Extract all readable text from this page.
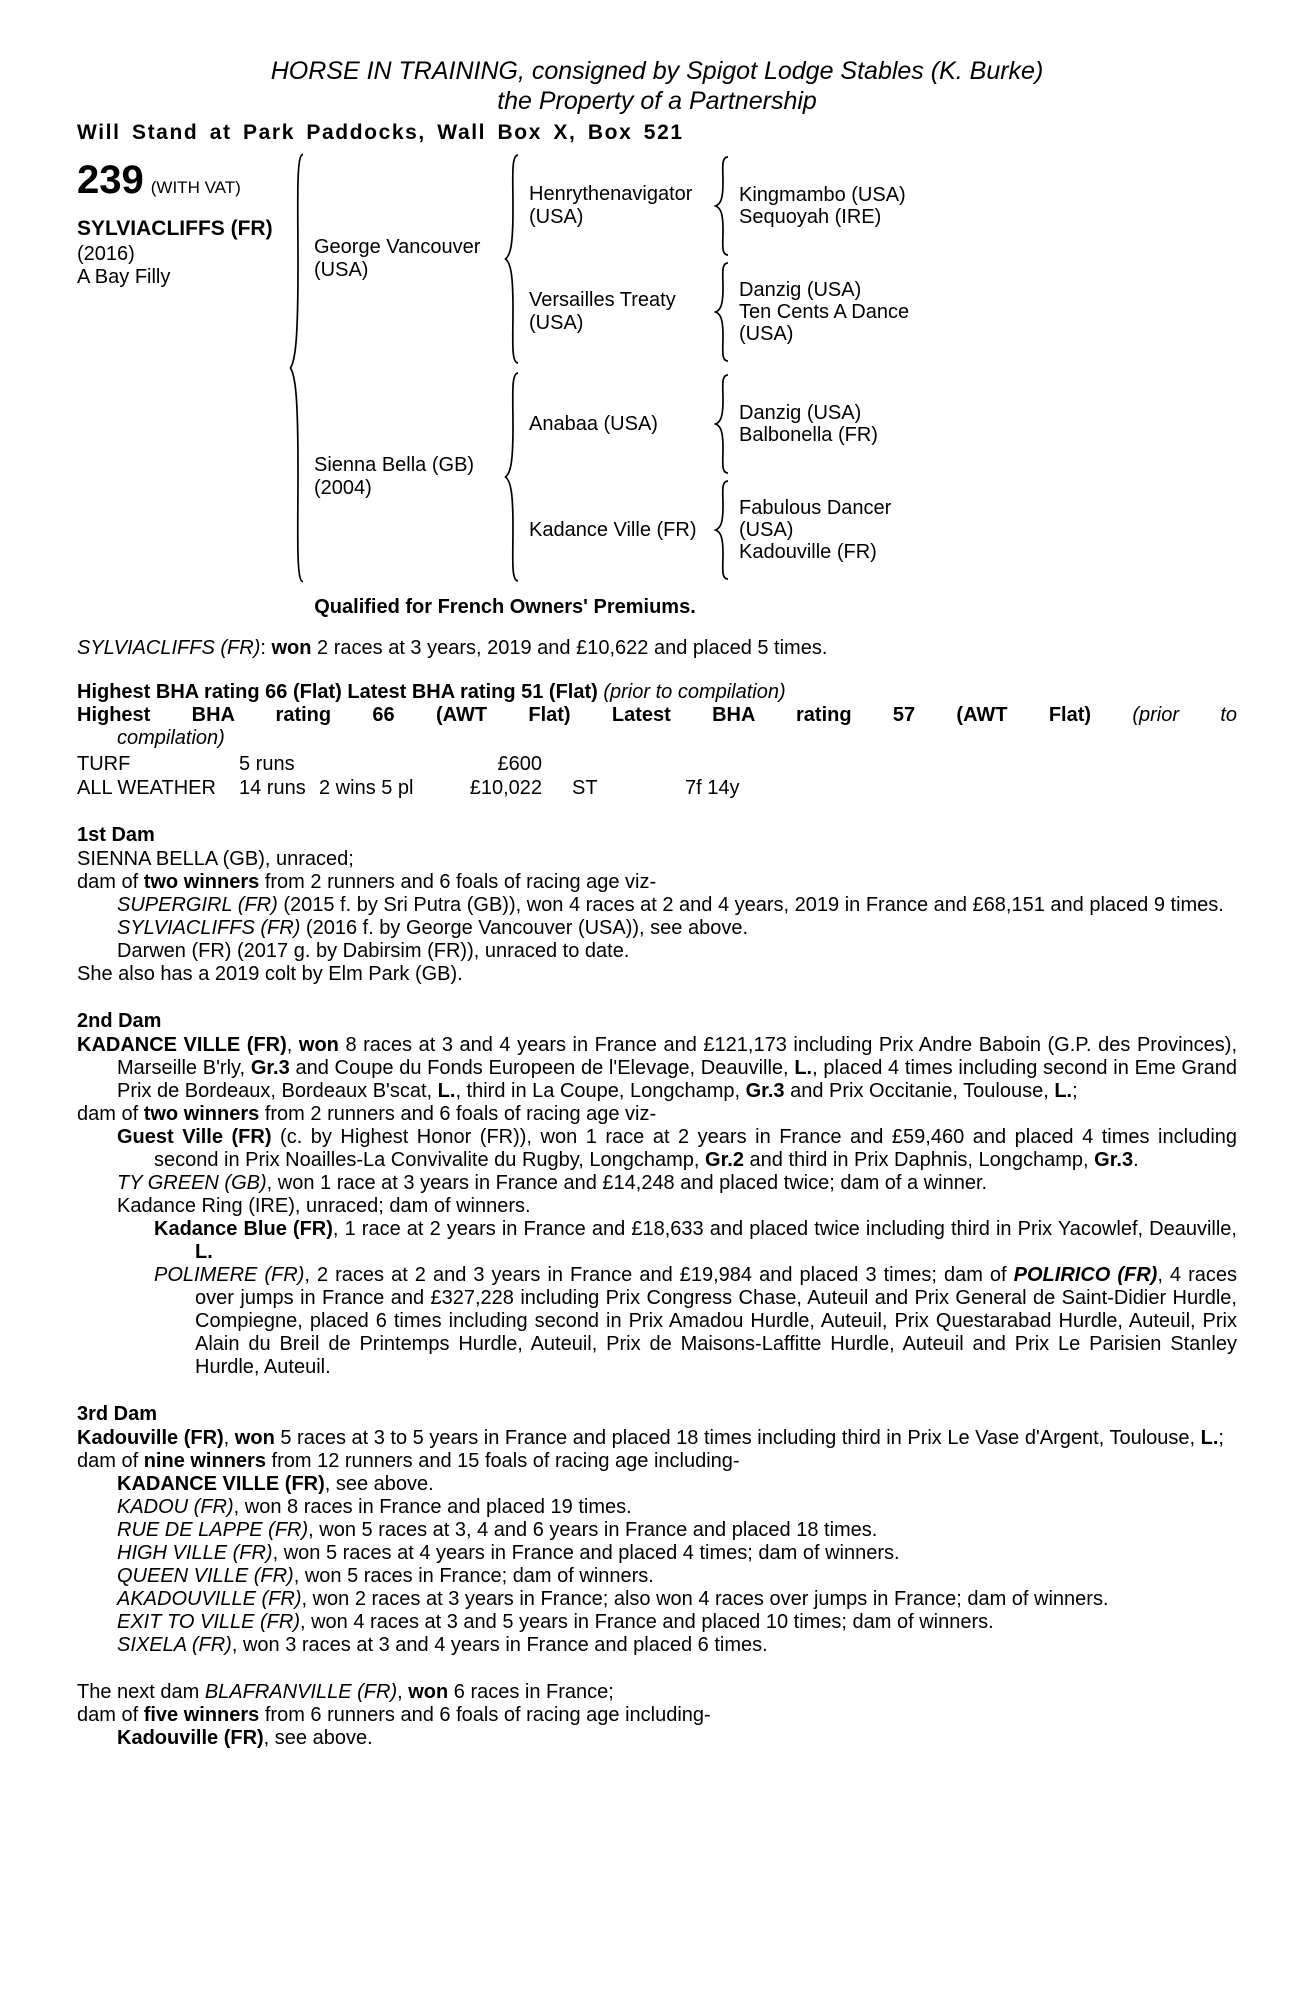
HORSE IN TRAINING, consigned by Spigot Lodge Stables (K. Burke)
the Property of a Partnership
Will Stand at Park Paddocks, Wall Box X, Box 521
239 (WITH VAT)
SYLVIACLIFFS (FR)
(2016)
A Bay Filly
George Vancouver (USA)
Henrythenavigator (USA)
Kingmambo (USA)
Sequoyah (IRE)
Versailles Treaty (USA)
Danzig (USA)
Ten Cents A Dance (USA)
Sienna Bella (GB) (2004)
Anabaa (USA)	Danzig (USA)
Balbonella (FR)
Kadance Ville (FR)
Fabulous Dancer (USA)
Kadouville (FR)
Qualified for French Owners' Premiums.

SYLVIACLIFFS (FR): won 2 races at 3 years, 2019 and £10,622 and placed 5 times.

Highest BHA rating 66 (Flat) Latest BHA rating 51 (Flat) (prior to compilation)

Highest BHA rating 66 (AWT Flat) Latest BHA rating 57 (AWT Flat) (prior to

compilation)

TURF	5 runs	£600
ALL WEATHER	14 runs 2 wins 5 pl	£10,022	ST	7f 14y
1st Dam

SIENNA BELLA (GB), unraced;

dam of two winners from 2 runners and 6 foals of racing age viz-

SUPERGIRL (FR) (2015 f. by Sri Putra (GB)), won 4 races at 2 and 4 years, 2019 in France and £68,151 and placed 9 times.

SYLVIACLIFFS (FR) (2016 f. by George Vancouver (USA)), see above.

Darwen (FR) (2017 g. by Dabirsim (FR)), unraced to date.

She also has a 2019 colt by Elm Park (GB).

2nd Dam

KADANCE VILLE (FR), won 8 races at 3 and 4 years in France and £121,173 including Prix Andre Baboin (G.P. des Provinces), Marseille B'rly, Gr.3 and Coupe du Fonds Europeen de l'Elevage, Deauville, L., placed 4 times including second in Eme Grand Prix de Bordeaux, Bordeaux B'scat, L., third in La Coupe, Longchamp, Gr.3 and Prix Occitanie, Toulouse, L.;

dam of two winners from 2 runners and 6 foals of racing age viz-

Guest Ville (FR) (c. by Highest Honor (FR)), won 1 race at 2 years in France and £59,460 and placed 4 times including second in Prix Noailles-La Convivalite du Rugby, Longchamp, Gr.2 and third in Prix Daphnis, Longchamp, Gr.3.

TY GREEN (GB), won 1 race at 3 years in France and £14,248 and placed twice; dam of a winner.

Kadance Ring (IRE), unraced; dam of winners.

Kadance Blue (FR), 1 race at 2 years in France and £18,633 and placed twice including third in Prix Yacowlef, Deauville, L.

POLIMERE (FR), 2 races at 2 and 3 years in France and £19,984 and placed 3 times; dam of POLIRICO (FR), 4 races over jumps in France and £327,228 including Prix Congress Chase, Auteuil and Prix General de Saint-Didier Hurdle, Compiegne, placed 6 times including second in Prix Amadou Hurdle, Auteuil, Prix Questarabad Hurdle, Auteuil, Prix Alain du Breil de Printemps Hurdle, Auteuil, Prix de Maisons-Laffitte Hurdle, Auteuil and Prix Le Parisien Stanley Hurdle, Auteuil.

3rd Dam

Kadouville (FR), won 5 races at 3 to 5 years in France and placed 18 times including third in Prix Le Vase d'Argent, Toulouse, L.;

dam of nine winners from 12 runners and 15 foals of racing age including-

KADANCE VILLE (FR), see above.

KADOU (FR), won 8 races in France and placed 19 times.

RUE DE LAPPE (FR), won 5 races at 3, 4 and 6 years in France and placed 18 times.

HIGH VILLE (FR), won 5 races at 4 years in France and placed 4 times; dam of winners.

QUEEN VILLE (FR), won 5 races in France; dam of winners.

AKADOUVILLE (FR), won 2 races at 3 years in France; also won 4 races over jumps in France; dam of winners.

EXIT TO VILLE (FR), won 4 races at 3 and 5 years in France and placed 10 times; dam of winners.

SIXELA (FR), won 3 races at 3 and 4 years in France and placed 6 times.

The next dam BLAFRANVILLE (FR), won 6 races in France;

dam of five winners from 6 runners and 6 foals of racing age including-

Kadouville (FR), see above.
